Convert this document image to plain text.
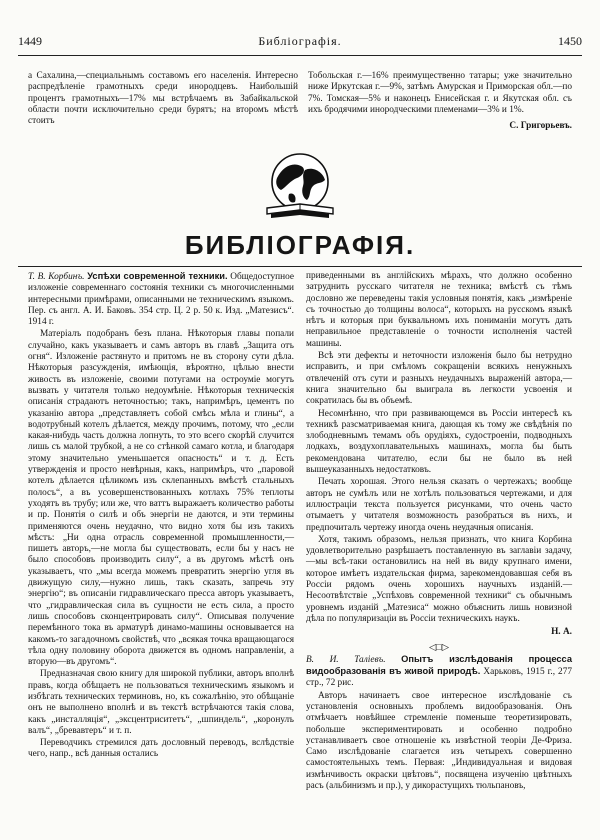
1449	Библiографiя.	1450

а Сахалина,—специальнымъ составомъ его населенiя. Интересно распредѣленiе грамотныхъ среди инородцевъ. Наибольшiй процентъ грамотныхъ—17% мы встрѣчаемъ въ Забайкальской области почти исключительно среди бурятъ; на второмъ мѣстѣ стоитъ

Тобольская г.—16% преимущественно татары; уже значительно ниже Иркутская г.—9%, затѣмъ Амурская и Приморская обл.—по 7%. Томская—5% и наконецъ Енисейская г. и Якутская обл. съ ихъ бродячими инородческими племенами—3% и 1%.

С. Григорьевъ.
БИБЛIОГРАФIЯ.

Т. В. Корбинъ. Успѣхи современной техники. Общедоступное изложенiе современнаго состоянiя техники съ многочисленными интересными примѣрами, описанными не техническимъ языкомъ. Пер. съ англ. А. И. Баковъ. 354 стр. Ц. 2 р. 50 к. Изд. „Матезисъ“. 1914 г.

Матерiалъ подобранъ безъ плана. Нѣкоторыя главы попали случайно, какъ указываетъ и самъ авторъ въ главѣ „Защита отъ огня“. Изложенiе растянуто и притомъ не въ сторону сути дѣла. Нѣкоторыя разсужденiя, имѣющiя, вѣроятно, цѣлью внести живость въ изложенiе, своими потугами на остроумiе могутъ вызвать у читателя только недоумѣнiе. Нѣкоторыя техническiя описанiя страдаютъ неточностью; такъ, напримѣръ, цементъ по указанiю автора „представляетъ собой смѣсь мѣла и глины“, а водотрубный котелъ дѣлается, между прочимъ, потому, что „если какая-нибудь часть должна лопнуть, то это всего скорѣй случится лишь съ малой трубкой, а не со стѣнкой самаго котла, и благодаря этому значительно уменьшается опасность“ и т. д. Есть утвержденiя и просто невѣрныя, какъ, напримѣръ, что „паровой котелъ дѣлается цѣликомъ изъ склепанныхъ вмѣстѣ стальныхъ полосъ“, а въ усовершенствованныхъ котлахъ 75% теплоты уходятъ въ трубу; или же, что ваттъ выражаетъ количество работы и пр. Понятiя о силѣ и объ энергiи не даются, и эти термины применяются очень неудачно, что видно хотя бы изъ такихъ мѣстъ: „Ни одна отрасль современной промышленности,—пишетъ авторъ,—не могла бы существовать, если бы у насъ не было способовъ производить силу“, а въ другомъ мѣстѣ онъ указываетъ, что „мы всегда можемъ превратить энергiю угля въ движущую силу,—нужно лишь, такъ сказать, запречь эту энергiю“; въ описанiи гидравлическаго пресса авторъ указываетъ, что „гидравлическая сила въ сущности не есть сила, а просто лишь способовъ сконцентрировать силу“. Описывая получение перемѣнного тока въ арматурѣ динамо-машины основывается на какомъ-то загадочномъ свойствѣ, что „всякая точка вращающагося тѣла одну половину оборота движется въ одномъ направленiи, а вторую—въ другомъ“.

Предназначая свою книгу для широкой публики, авторъ вполнѣ правъ, когда обѣщаетъ не пользоваться техническимъ языкомъ и избѣгать технических терминовъ, но, къ сожалѣнiю, это обѣщанiе онъ не выполнено вполнѣ и въ текстѣ встрѣчаются такiя слова, какъ „инсталляцiя“, „эксцентриситетъ“, „шпиндель“, „коронулъ валъ“, „бревавтеръ“ и т. п.

Переводчикъ стремился дать дословный переводъ, вслѣдствiе чего, напр., всѣ данныя остались

приведенными въ англiйскихъ мѣрахъ, что должно особенно затруднить русскаго читателя не техника; вмѣстѣ съ тѣмъ дословно же переведены такiя условныя понятiя, какъ „измѣренiе съ точностью до толщины волоса“, которыхъ на русскомъ языкѣ нѣтъ и которыя при буквальномъ ихъ пониманiи могутъ дать неправильное представленiе о точности исполненiя частей машины.

Всѣ эти дефекты и неточности изложенiя было бы нетрудно исправить, и при смѣломъ сокращенiи всякихъ ненужныхъ отвлеченiй отъ сути и разныхъ неудачныхъ выраженiй автора,—книга значительно бы выиграла въ легкости усвоенiя и сократилась бы въ объемѣ.

Несомнѣнно, что при развивающемся въ Россiи интересѣ къ техникѣ разсматриваемая книга, дающая къ тому же свѣдѣнiя по злободневнымъ темамъ объ орудiяхъ, судостроенiи, подводныхъ лодкахъ, воздухоплавательныхъ машинахъ, могла бы быть рекомендована читателю, если бы не было въ ней вышеуказанныхъ недостатковъ.

Печать хорошая. Этого нельзя сказать о чертежахъ; вообще авторъ не сумѣлъ или не хотѣлъ пользоваться чертежами, и для иллюстрацiи текста пользуется рисунками, что очень часто отымаетъ у читателя возможность разобраться въ нихъ, и предпочиталъ чертежу иногда очень неудачныя описанiя.

Хотя, такимъ образомъ, нельзя признать, что книга Корбина удовлетворительно разрѣшаетъ поставленную въ заглавiи задачу,—мы всѣ-таки остановились на ней въ виду крупнаго имени, которое имѣетъ издательская фирма, зарекомендовавшая себя въ Россiи рядомъ очень хорошихъ научныхъ изданiй.—Несоотвѣтствiе „Успѣховъ современной техники“ съ обычнымъ уровнемъ изданiй „Матезиса“ можно объяснить лишь новизной дѣла по популяризацiи въ Россiи техническихъ наукъ.

Н. А.
◁□▷

В. И. Талiевъ. Опытъ изслѣдованiя процесса видообразованiя въ живой природѣ. Харьковъ, 1915 г., 277 стр., 72 рис.

Авторъ начинаетъ свое интересное изслѣдованiе съ установленiя основныхъ проблемъ видообразованiя. Онъ отмѣчаетъ новѣйшее стремленiе поменьше теоретизировать, побольше экспериментировать и особенно подробно устанавливаетъ свое отношенiе къ извѣстной теорiи Де-Фриза. Само изслѣдованiе слагается изъ четырехъ совершенно самостоятельныхъ темъ. Первая: „Индивидуальная и видовая измѣнчивость окраски цвѣтовъ“, посвящена изученiю цвѣтныхъ расъ (альбинизмъ и пр.), у дикорастущихъ тюльпановъ,
